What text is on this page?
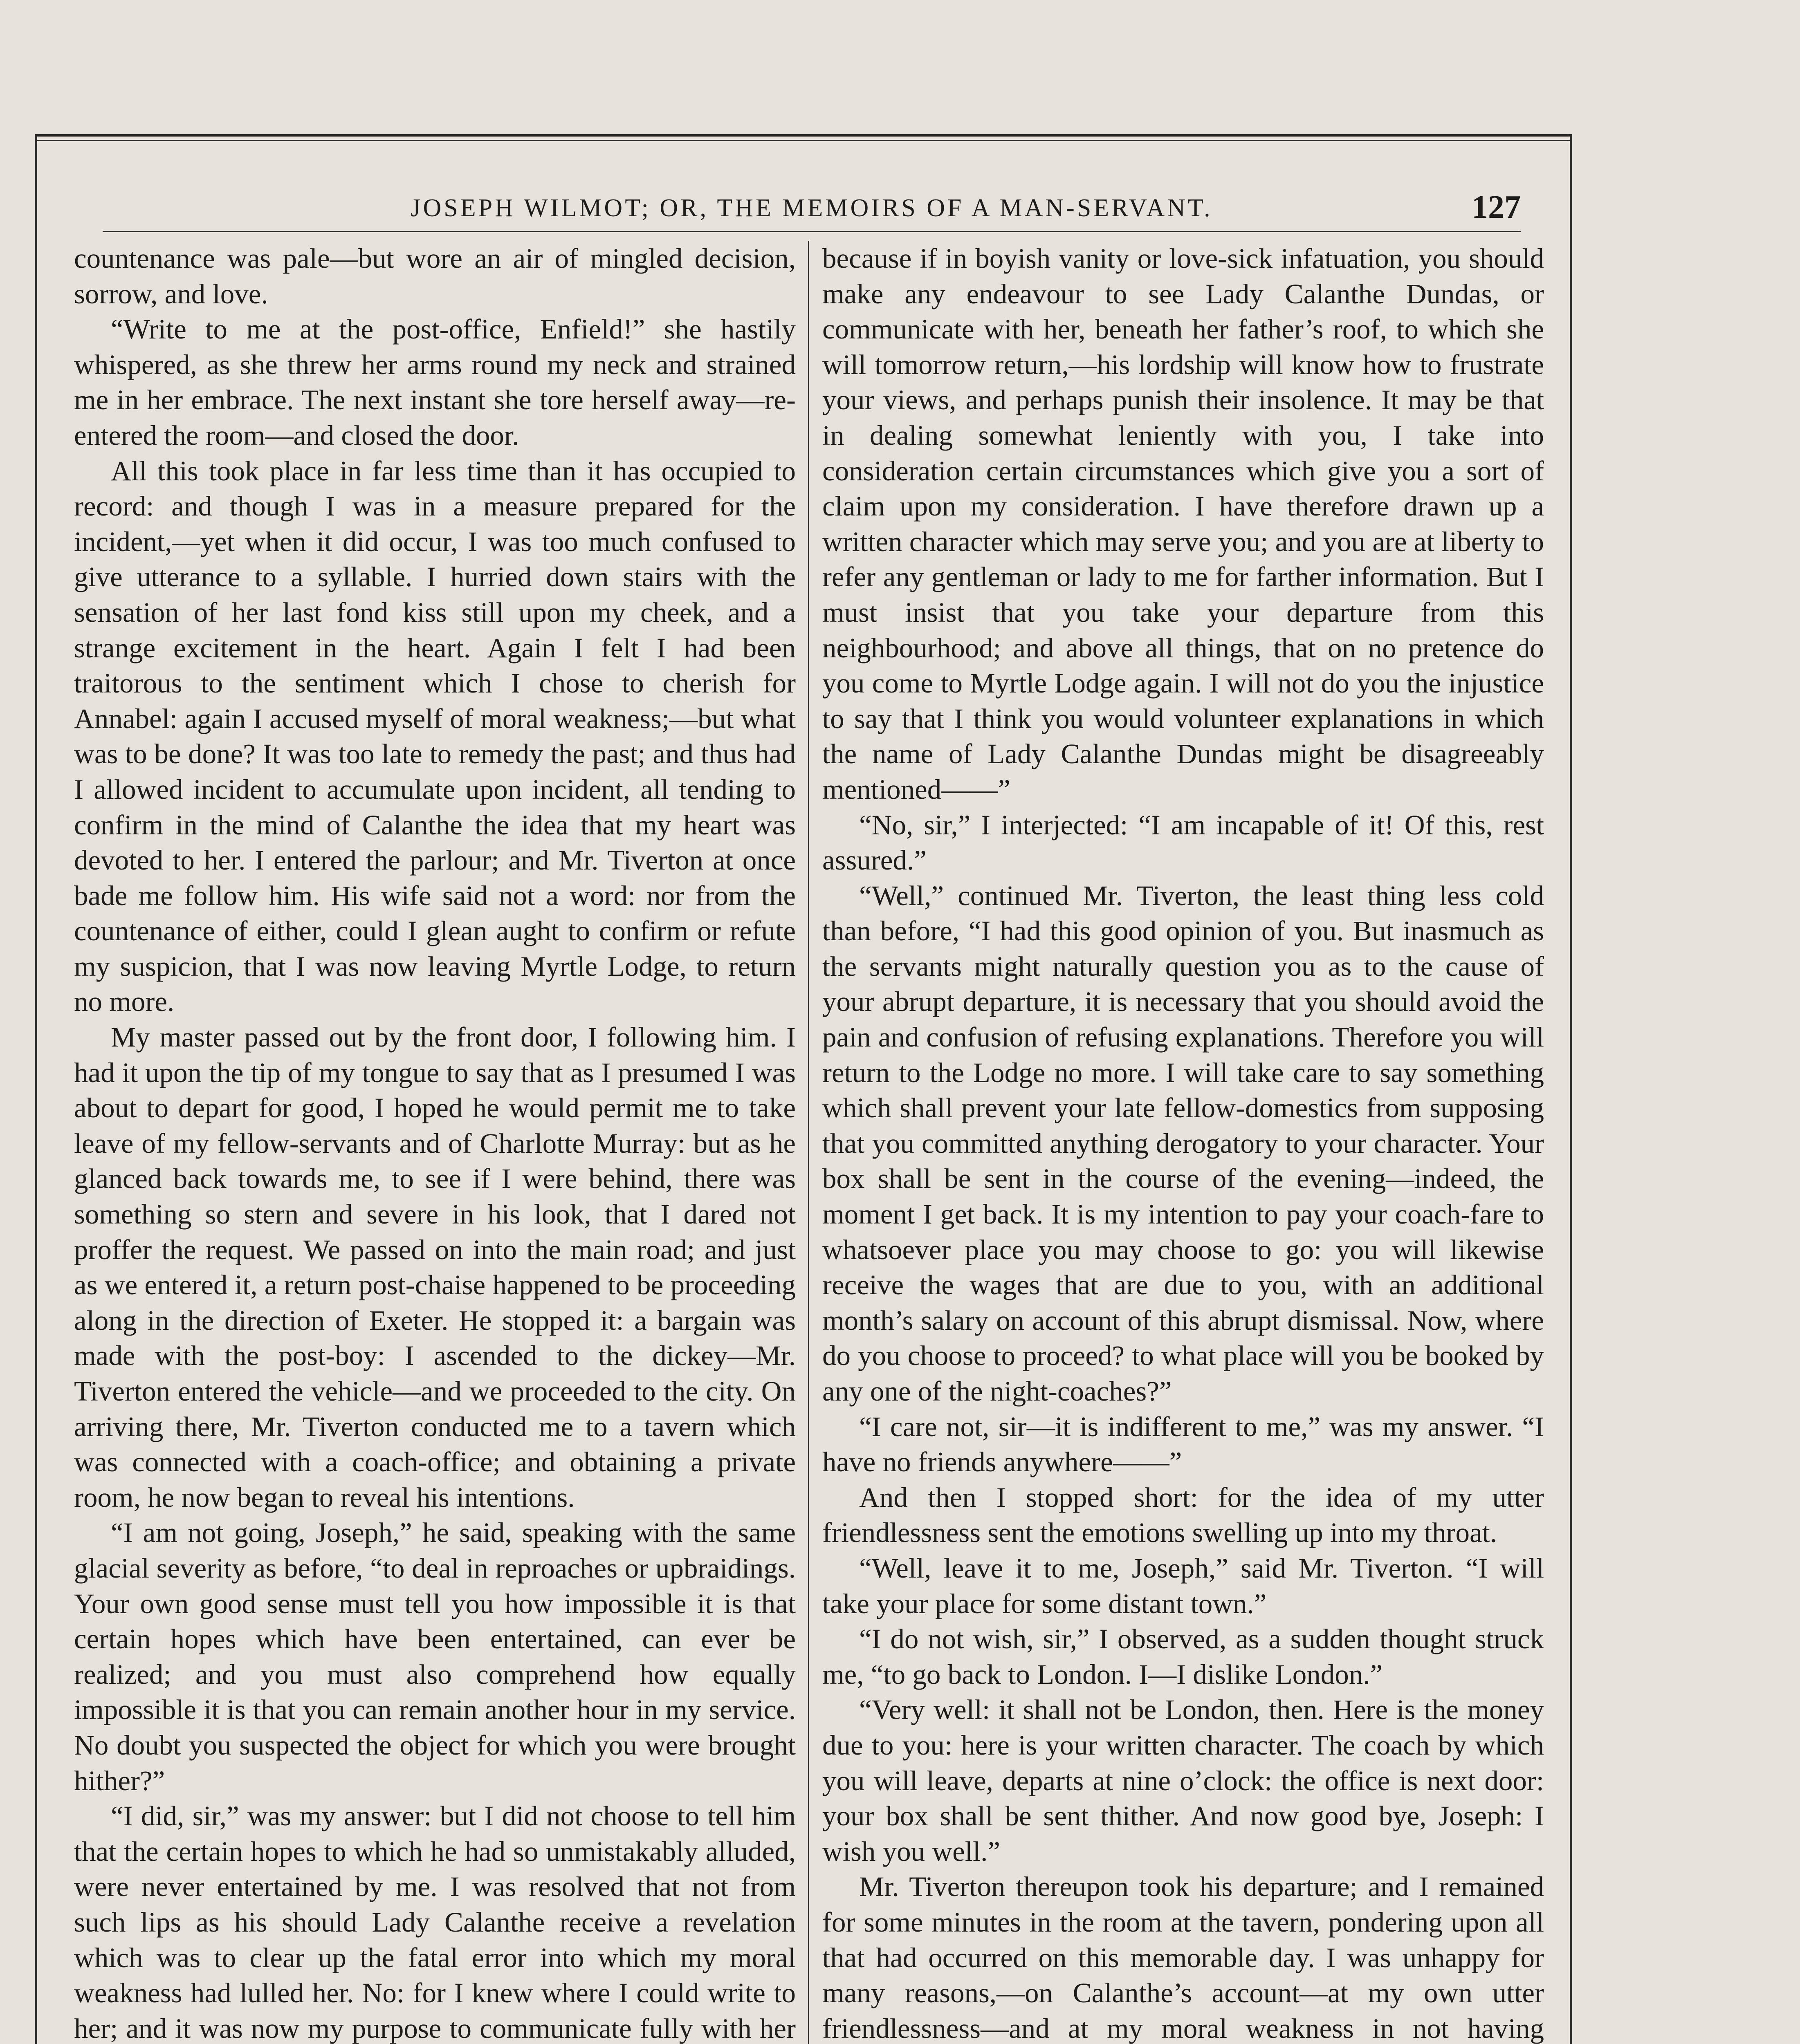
JOSEPH WILMOT; OR, THE MEMOIRS OF A MAN-SERVANT.	127

countenance was pale—but wore an air of mingled decision, sorrow, and love.

“Write to me at the post-office, Enfield!” she hastily whispered, as she threw her arms round my neck and strained me in her embrace. The next instant she tore herself away—re-entered the room—and closed the door.

All this took place in far less time than it has occupied to record: and though I was in a measure prepared for the incident,—yet when it did occur, I was too much confused to give utterance to a syllable. I hurried down stairs with the sensation of her last fond kiss still upon my cheek, and a strange excitement in the heart. Again I felt I had been traitorous to the sentiment which I chose to cherish for Annabel: again I accused myself of moral weakness;—but what was to be done? It was too late to remedy the past; and thus had I allowed incident to accumulate upon incident, all tending to confirm in the mind of Calanthe the idea that my heart was devoted to her. I entered the parlour; and Mr. Tiverton at once bade me follow him. His wife said not a word: nor from the countenance of either, could I glean aught to confirm or refute my suspicion, that I was now leaving Myrtle Lodge, to return no more.

My master passed out by the front door, I following him. I had it upon the tip of my tongue to say that as I presumed I was about to depart for good, I hoped he would permit me to take leave of my fellow-servants and of Charlotte Murray: but as he glanced back towards me, to see if I were behind, there was something so stern and severe in his look, that I dared not proffer the request. We passed on into the main road; and just as we entered it, a return post-chaise happened to be proceeding along in the direction of Exeter. He stopped it: a bargain was made with the post-boy: I ascended to the dickey—Mr. Tiverton entered the vehicle—and we proceeded to the city. On arriving there, Mr. Tiverton conducted me to a tavern which was connected with a coach-office; and obtaining a private room, he now began to reveal his intentions.

“I am not going, Joseph,” he said, speaking with the same glacial severity as before, “to deal in reproaches or upbraidings. Your own good sense must tell you how impossible it is that certain hopes which have been entertained, can ever be realized; and you must also comprehend how equally impossible it is that you can remain another hour in my service. No doubt you suspected the object for which you were brought hither?”

“I did, sir,” was my answer: but I did not choose to tell him that the certain hopes to which he had so unmistakably alluded, were never entertained by me. I was resolved that not from such lips as his should Lady Calanthe receive a revelation which was to clear up the fatal error into which my moral weakness had lulled her. No: for I knew where I could write to her; and it was now my purpose to communicate fully with her

because if in boyish vanity or love-sick infatuation, you should make any endeavour to see Lady Calanthe Dundas, or communicate with her, beneath her father’s roof, to which she will tomorrow return,—his lordship will know how to frustrate your views, and perhaps punish their insolence. It may be that in dealing somewhat leniently with you, I take into consideration certain circumstances which give you a sort of claim upon my consideration. I have therefore drawn up a written character which may serve you; and you are at liberty to refer any gentleman or lady to me for farther information. But I must insist that you take your departure from this neighbourhood; and above all things, that on no pretence do you come to Myrtle Lodge again. I will not do you the injustice to say that I think you would volunteer explanations in which the name of Lady Calanthe Dundas might be disagreeably mentioned——”

“No, sir,” I interjected: “I am incapable of it! Of this, rest assured.”

“Well,” continued Mr. Tiverton, the least thing less cold than before, “I had this good opinion of you. But inasmuch as the servants might naturally question you as to the cause of your abrupt departure, it is necessary that you should avoid the pain and confusion of refusing explanations. Therefore you will return to the Lodge no more. I will take care to say something which shall prevent your late fellow-domestics from supposing that you committed anything derogatory to your character. Your box shall be sent in the course of the evening—indeed, the moment I get back. It is my intention to pay your coach-fare to whatsoever place you may choose to go: you will likewise receive the wages that are due to you, with an additional month’s salary on account of this abrupt dismissal. Now, where do you choose to proceed? to what place will you be booked by any one of the night-coaches?”

“I care not, sir—it is indifferent to me,” was my answer. “I have no friends anywhere——”

And then I stopped short: for the idea of my utter friendlessness sent the emotions swelling up into my throat.

“Well, leave it to me, Joseph,” said Mr. Tiverton. “I will take your place for some distant town.”

“I do not wish, sir,” I observed, as a sudden thought struck me, “to go back to London. I—I dislike London.”

“Very well: it shall not be London, then. Here is the money due to you: here is your written character. The coach by which you will leave, departs at nine o’clock: the office is next door: your box shall be sent thither. And now good bye, Joseph: I wish you well.”

Mr. Tiverton thereupon took his departure; and I remained for some minutes in the room at the tavern, pondering upon all that had occurred on this memorable day. I was unhappy for many reasons,—on Calanthe’s account—at my own utter friendlessness—and at my moral weakness in not having
